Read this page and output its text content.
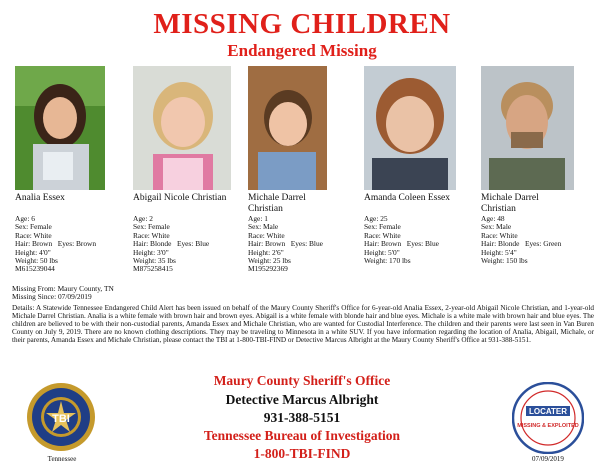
MISSING CHILDREN
Endangered Missing
Analia Essex	Abigail Nicole Christian	Michale Darrel Christian
Amanda Coleen Essex	Michale Darrel Christian
Age: 6
Sex: Female
Race: White
Hair: Brown Eyes: Brown
Height: 4'0"
Weight: 50 lbs
M615239044
Age: 2
Sex: Female
Race: White
Hair: Blonde Eyes: Blue
Height: 3'0"
Weight: 35 lbs
M875258415
Age: 1
Sex: Male
Race: White
Hair: Brown Eyes: Blue
Height: 2'6"
Weight: 25 lbs
M195292369
Age: 25
Sex: Female
Race: White
Hair: Brown Eyes: Blue
Height: 5'0"
Weight: 170 lbs
Age: 48
Sex: Male
Race: White
Hair: Blonde Eyes: Green
Height: 5'4"
Weight: 150 lbs
Missing From: Maury County, TN
Missing Since: 07/09/2019
Details: A Statewide Tennessee Endangered Child Alert has been issued on behalf of the Maury County Sheriff's Office for 6-year-old Analia Essex, 2-year-old Abigail Nicole Christian, and 1-year-old Michale Darrel Christian. Analia is a white female with brown hair and brown eyes. Abigail is a white female with blonde hair and blue eyes. Michale is a white male with brown hair and blue eyes. The children are believed to be with their non-custodial parents, Amanda Essex and Michale Christian, who are wanted for Custodial Interference. The children and their parents were last seen in Van Buren County on July 9, 2019. There are no known clothing descriptions. They may be traveling to Minnesota in a white SUV. If you have information regarding the location of Analia, Abigail, Michale, or their parents, Amanda Essex and Michale Christian, please contact the TBI at 1-800-TBI-FIND or Detective Marcus Albright at the Maury County Sheriff's Office at 931-388-5151.
Maury County Sheriff's Office
Detective Marcus Albright
931-388-5151
Tennessee Bureau of Investigation
1-800-TBI-FIND
TBI
Tennessee
LOCATER
MISSING & EXPLOITED
07/09/2019
